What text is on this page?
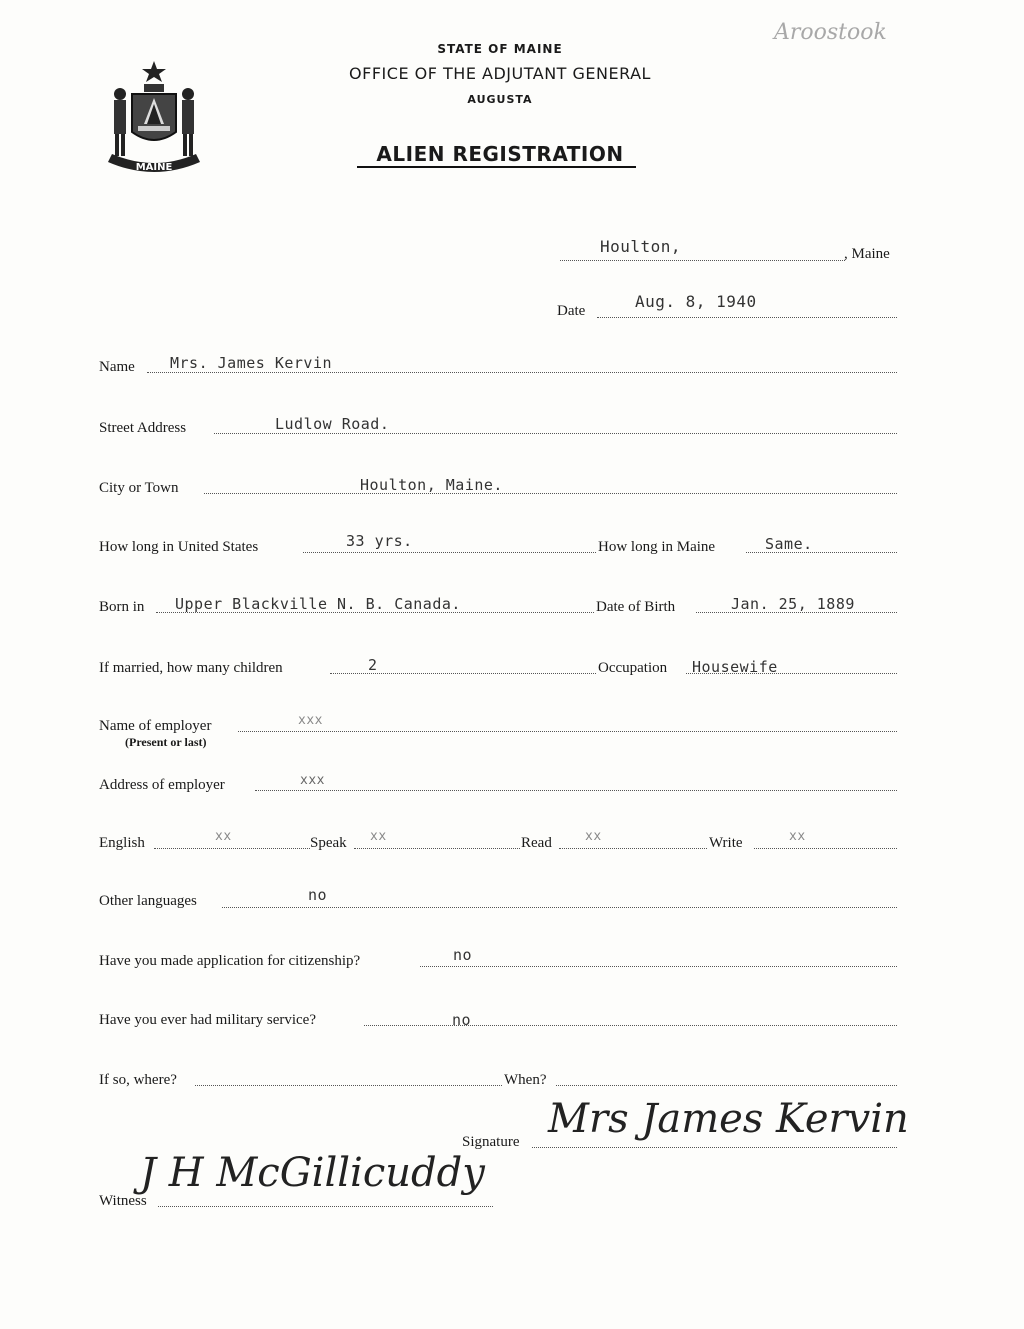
MAINE
STATE OF MAINE
OFFICE OF THE ADJUTANT GENERAL
AUGUSTA
ALIEN REGISTRATION
Aroostook
Houlton,	, Maine
Date	Aug. 8, 1940
Name Mrs. James Kervin
Street Address	Ludlow Road.
City or Town	Houlton, Maine.
How long in United States	33 yrs.	How long in Maine	Same.
Born in Upper Blackville N. B. Canada.	Date of Birth	Jan. 25, 1889
If married, how many children	2	Occupation Housewife
Name of employer
(Present or last)
xxx
Address of employer	xxx
English	xx	Speak xx	Read	xx	Write	xx
Other languages	no
Have you made application for citizenship?	no
Have you ever had military service?	no
If so, where?	When?
Signature Mrs James Kervin
Witness
J H McGillicuddy
